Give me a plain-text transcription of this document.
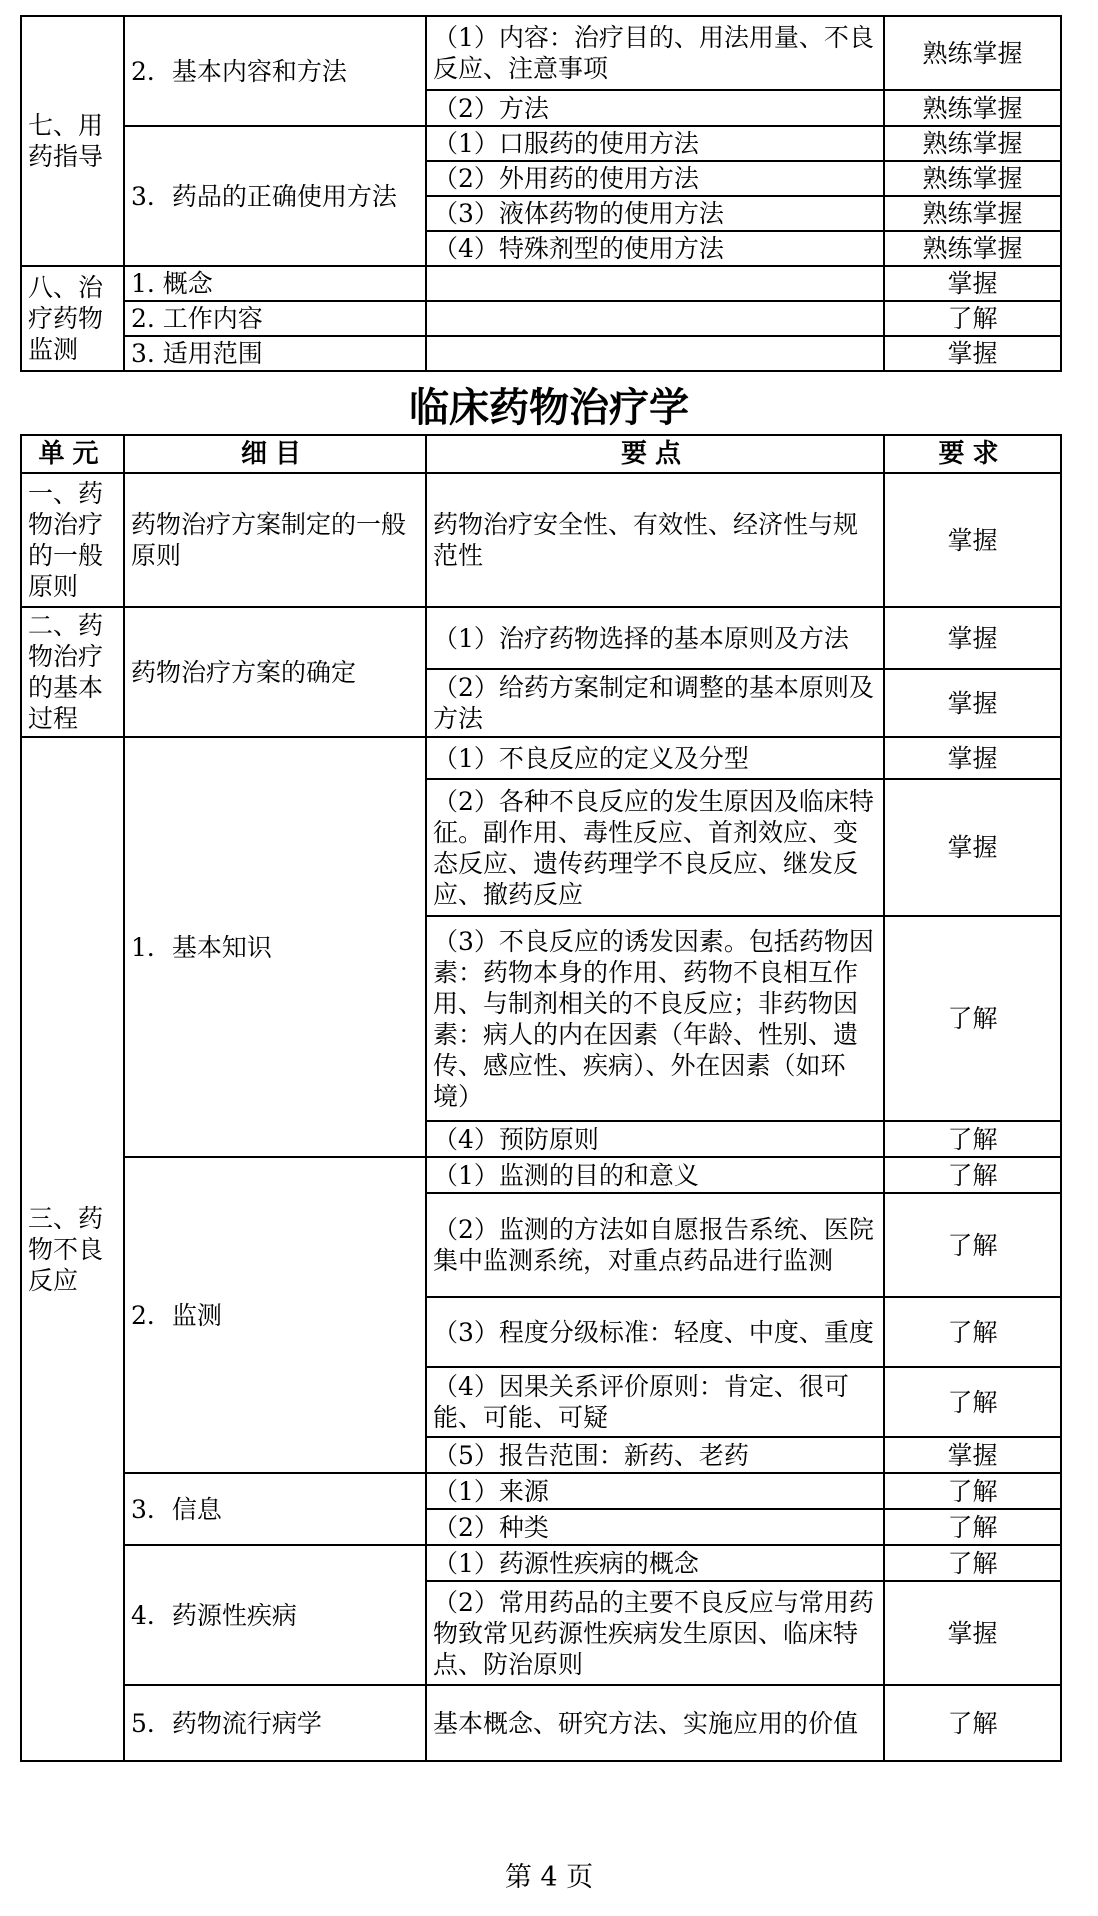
七、用药指导	2．基本内容和方法	（1）内容：治疗目的、用法用量、不良反应、注意事项	熟练掌握
		（2）方法	熟练掌握
	3．药品的正确使用方法	（1）口服药的使用方法	熟练掌握
		（2）外用药的使用方法	熟练掌握
		（3）液体药物的使用方法	熟练掌握
		（4）特殊剂型的使用方法	熟练掌握
八、治疗药物监测	1. 概念		掌握
	2. 工作内容		了解
	3. 适用范围		掌握
临床药物治疗学
单元	细目	要点	要求
一、药物治疗的一般原则	药物治疗方案制定的一般原则	药物治疗安全性、有效性、经济性与规范性	掌握
二、药物治疗的基本过程	药物治疗方案的确定	（1）治疗药物选择的基本原则及方法	掌握
		（2）给药方案制定和调整的基本原则及方法	掌握
三、药物不良反应	1．基本知识	（1）不良反应的定义及分型	掌握
		（2）各种不良反应的发生原因及临床特征。副作用、毒性反应、首剂效应、变态反应、遗传药理学不良反应、继发反应、撤药反应	掌握
		（3）不良反应的诱发因素。包括药物因素：药物本身的作用、药物不良相互作用、与制剂相关的不良反应；非药物因素：病人的内在因素（年龄、性别、遗传、感应性、疾病）、外在因素（如环境）	了解
		（4）预防原则	了解
	2．监测	（1）监测的目的和意义	了解
		（2）监测的方法如自愿报告系统、医院集中监测系统，对重点药品进行监测	了解
		（3）程度分级标准：轻度、中度、重度	了解
		（4）因果关系评价原则：肯定、很可能、可能、可疑	了解
		（5）报告范围：新药、老药	掌握
	3．信息	（1）来源	了解
		（2）种类	了解
	4．药源性疾病	（1）药源性疾病的概念	了解
		（2）常用药品的主要不良反应与常用药物致常见药源性疾病发生原因、临床特点、防治原则	掌握
	5．药物流行病学	基本概念、研究方法、实施应用的价值	了解
第 4 页
